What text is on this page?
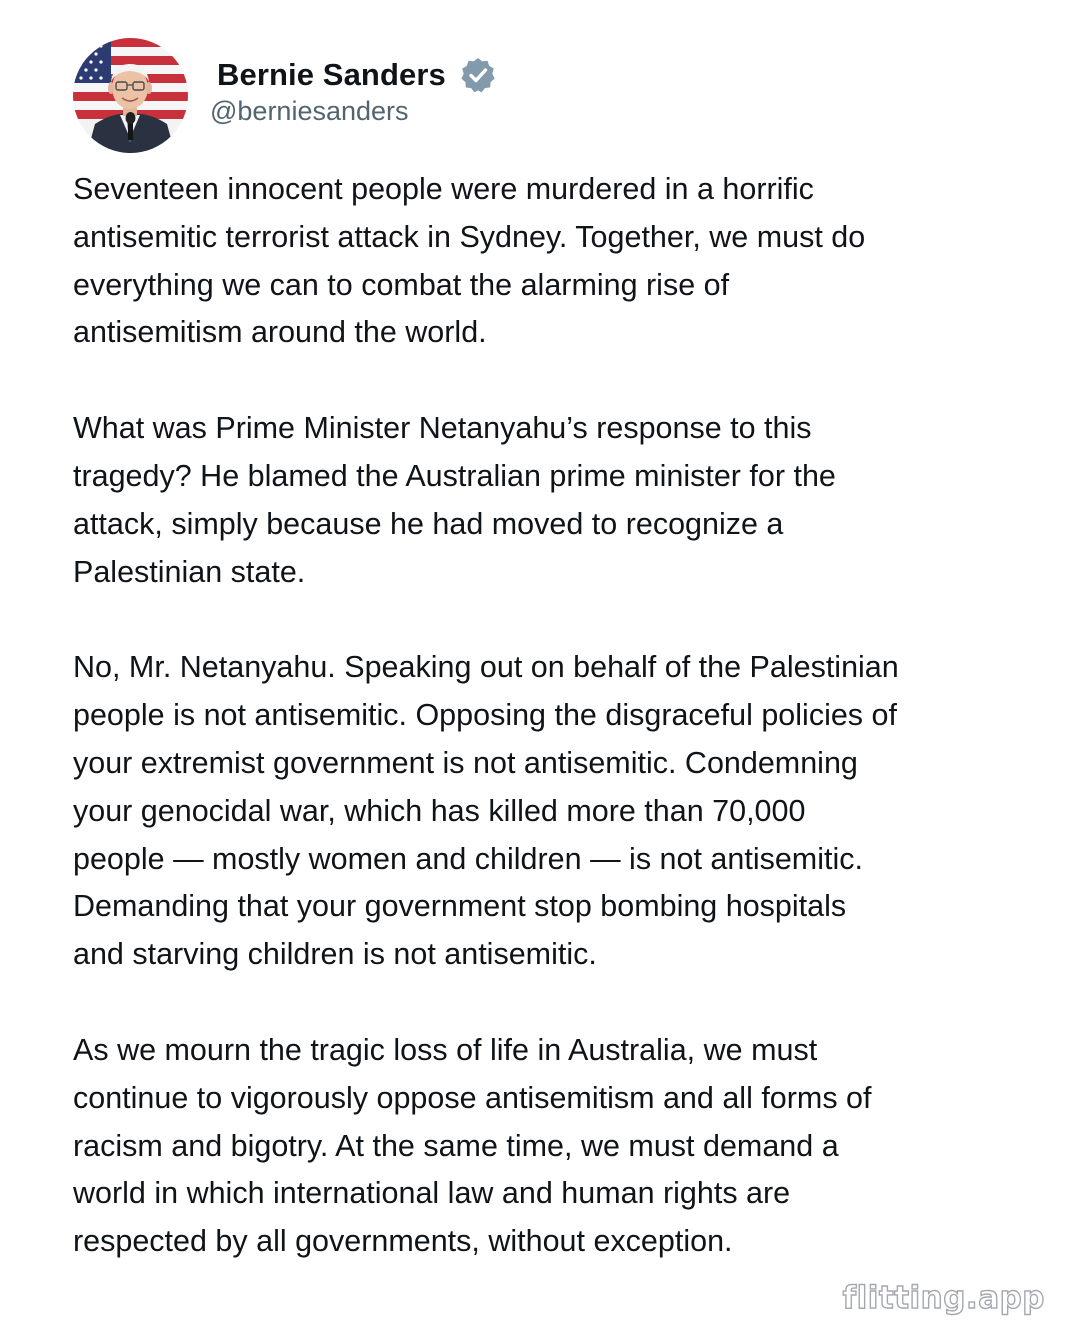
Bernie Sanders
@berniesanders

Seventeen innocent people were murdered in a horrific
antisemitic terrorist attack in Sydney. Together, we must do
everything we can to combat the alarming rise of
antisemitism around the world.

What was Prime Minister Netanyahu’s response to this
tragedy? He blamed the Australian prime minister for the
attack, simply because he had moved to recognize a
Palestinian state.

No, Mr. Netanyahu. Speaking out on behalf of the Palestinian
people is not antisemitic. Opposing the disgraceful policies of
your extremist government is not antisemitic. Condemning
your genocidal war, which has killed more than 70,000
people — mostly women and children — is not antisemitic.
Demanding that your government stop bombing hospitals
and starving children is not antisemitic.

As we mourn the tragic loss of life in Australia, we must
continue to vigorously oppose antisemitism and all forms of
racism and bigotry. At the same time, we must demand a
world in which international law and human rights are
respected by all governments, without exception.

flitting.app
